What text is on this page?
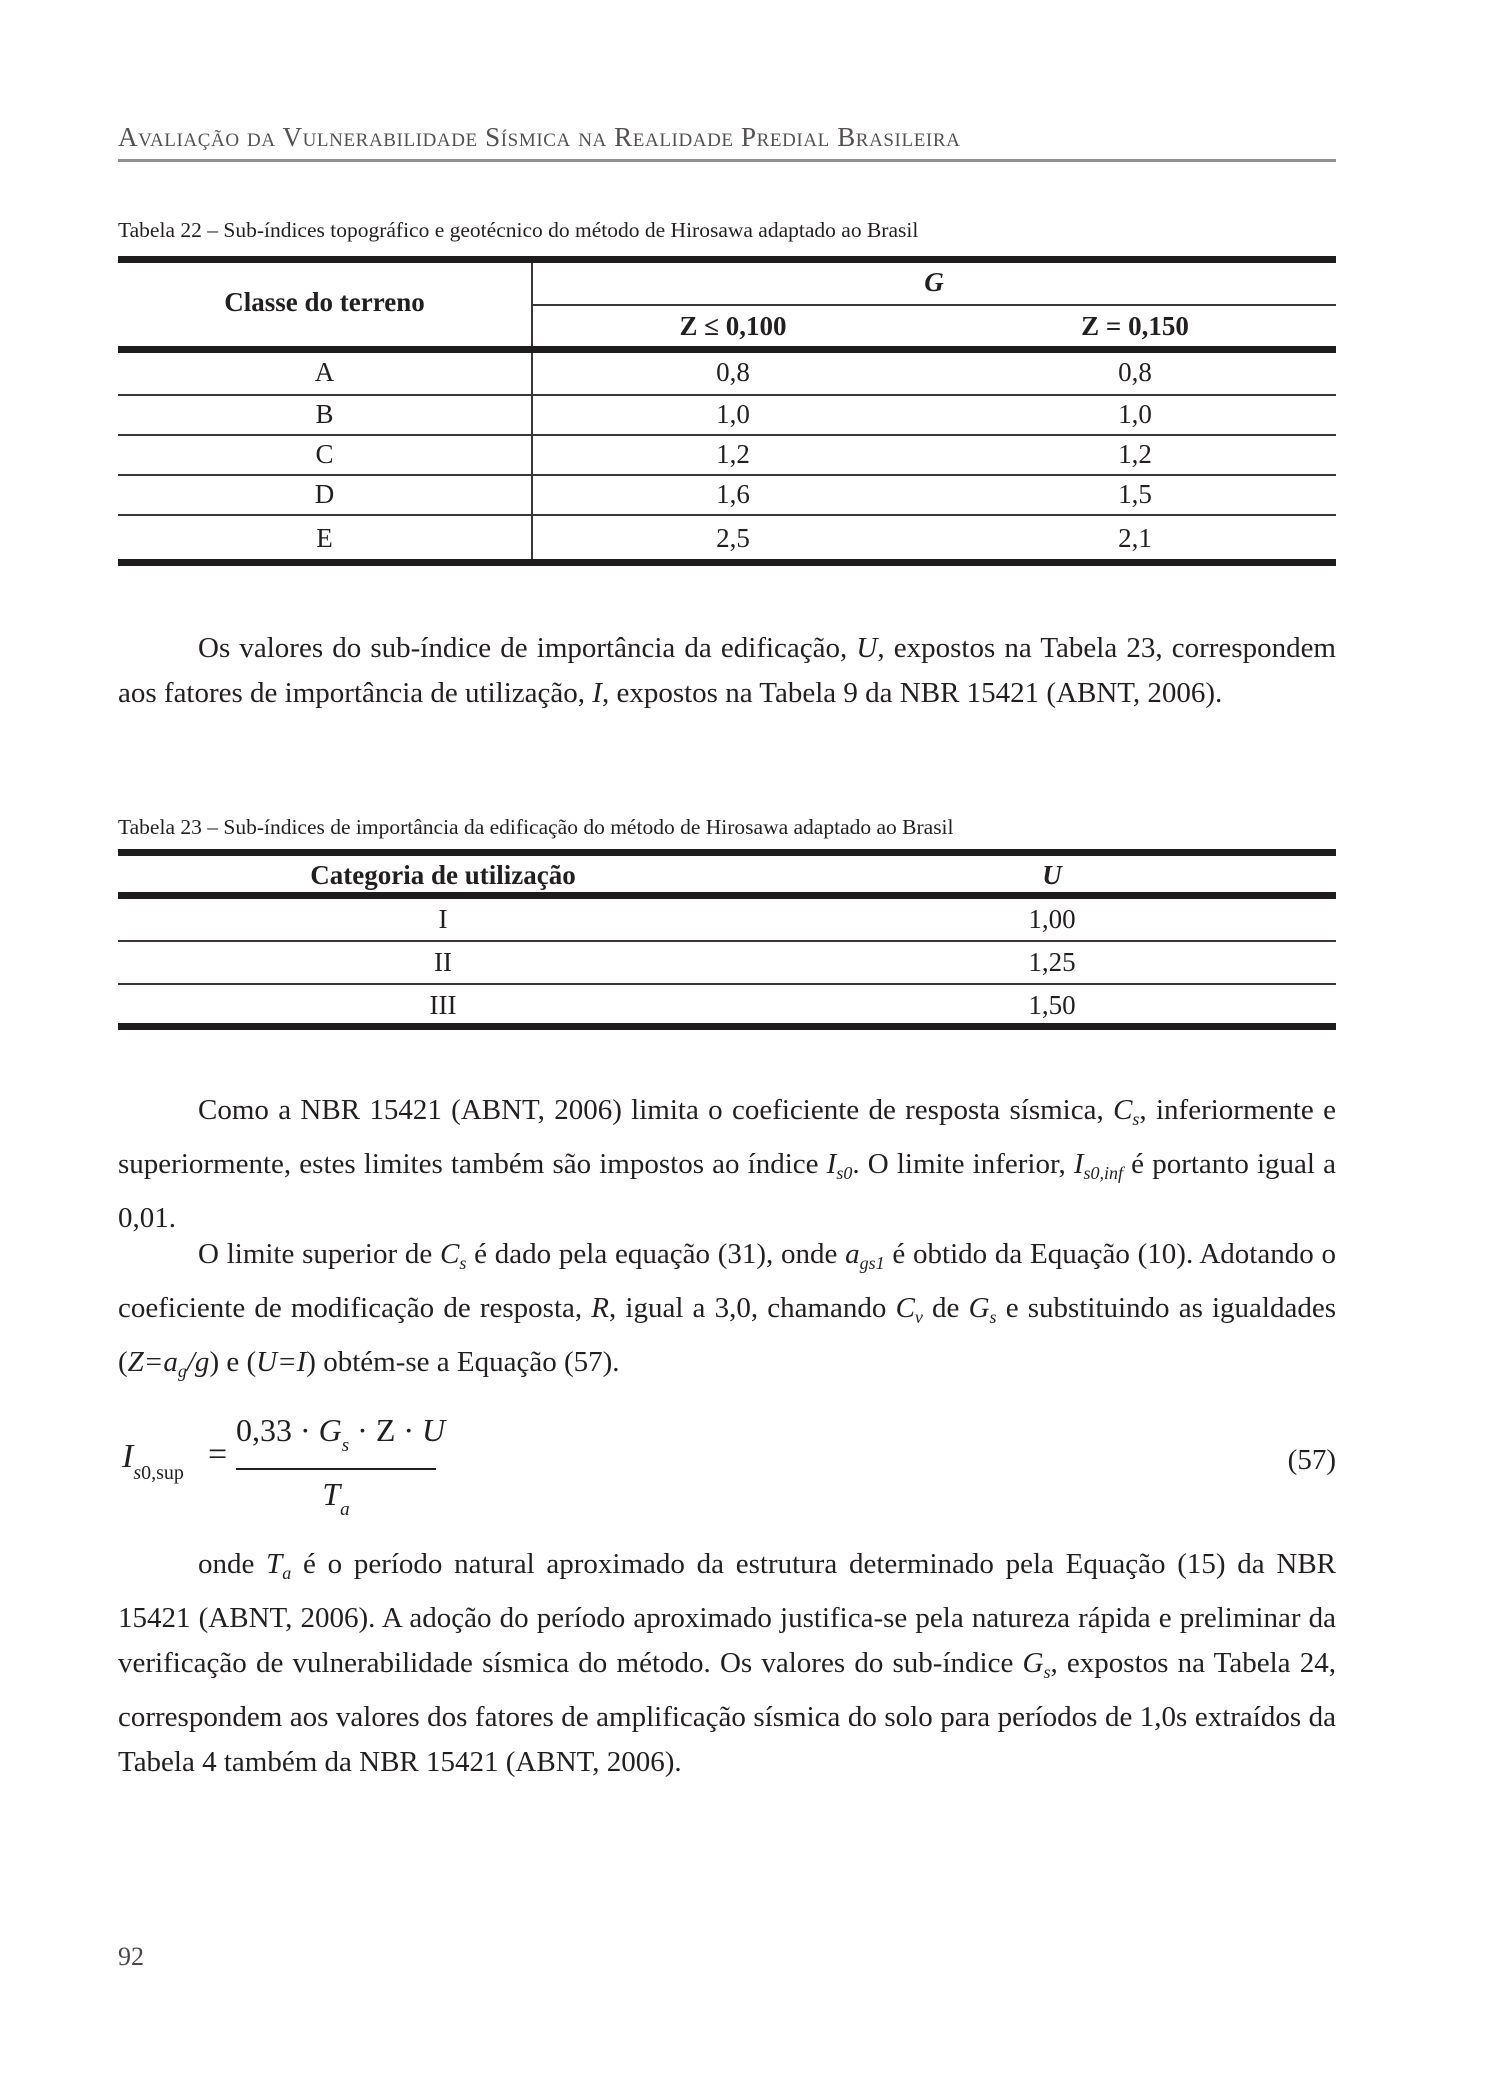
Avaliação da Vulnerabilidade Sísmica na Realidade Predial Brasileira
Tabela 22 – Sub-índices topográfico e geotécnico do método de Hirosawa adaptado ao Brasil
Classe do terreno
G
Z ≤ 0,100	Z = 0,150
A	0,8	0,8
B	1,0	1,0
C	1,2	1,2
D	1,6	1,5
E	2,5	2,1
Os valores do sub-índice de importância da edificação, U, expostos na Tabela 23, correspondem aos fatores de importância de utilização, I, expostos na Tabela 9 da NBR 15421 (ABNT, 2006).
Tabela 23 – Sub-índices de importância da edificação do método de Hirosawa adaptado ao Brasil
Categoria de utilização	U
I	1,00
II	1,25
III	1,50
Como a NBR 15421 (ABNT, 2006) limita o coeficiente de resposta sísmica, $C_s$, inferiormente e superiormente, estes limites também são impostos ao índice $I_{s0}$. O limite inferior, $I_{s0,inf}$ é portanto igual a 0,01.
O limite superior de $C_s$ é dado pela equação (31), onde $a_{gs1}$ é obtido da Equação (10). Adotando o coeficiente de modificação de resposta, R, igual a 3,0, chamando $C_v$ de $G_s$ e substituindo as igualdades $(Z=a_g/g)$ e (U=I) obtém-se a Equação (57).
$I_{s0,sup}$ =
$0,33 \cdot G_s \cdot Z \cdot U$
$T_a$
(57)
onde $T_a$ é o período natural aproximado da estrutura determinado pela Equação (15) da NBR 15421 (ABNT, 2006). A adoção do período aproximado justifica-se pela natureza rápida e preliminar da verificação de vulnerabilidade sísmica do método. Os valores do sub-índice $G_s$, expostos na Tabela 24, correspondem aos valores dos fatores de amplificação sísmica do solo para períodos de 1,0s extraídos da Tabela 4 também da NBR 15421 (ABNT, 2006).
92
